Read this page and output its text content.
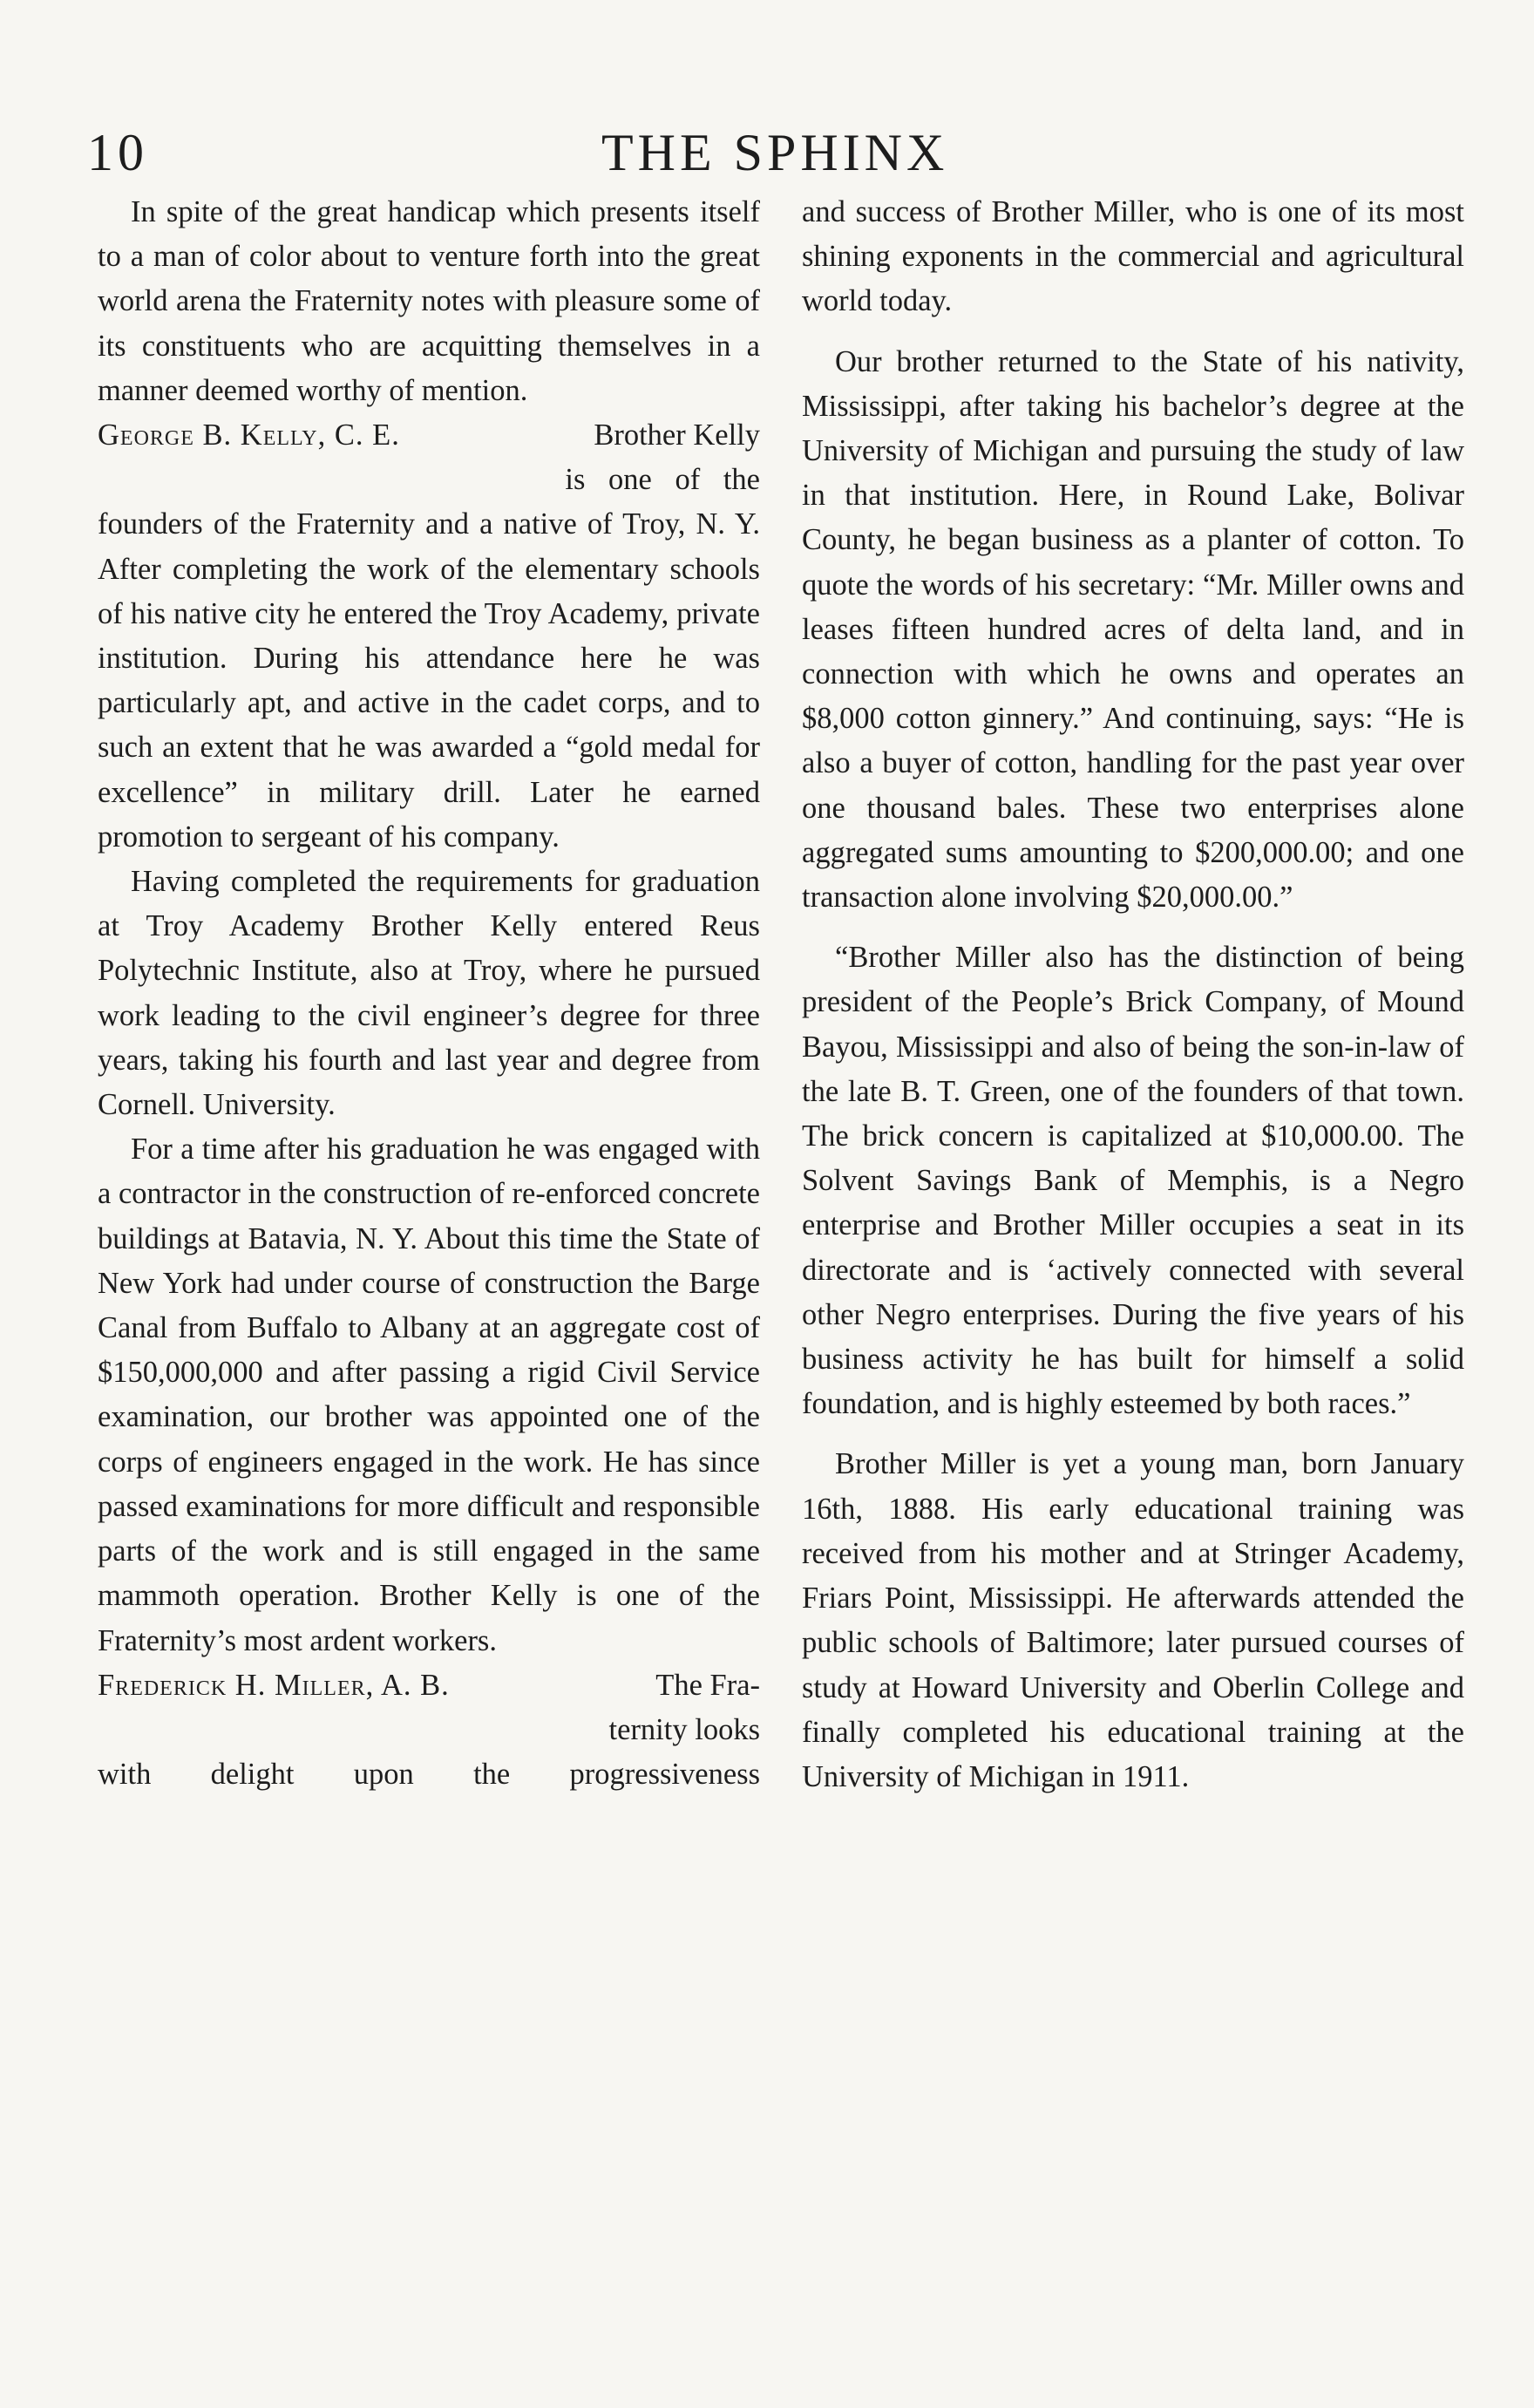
10	THE SPHINX

In spite of the great handicap which presents itself to a man of color about to venture forth into the great world arena the Fraternity notes with pleasure some of its constituents who are acquitting themselves in a manner deemed worthy of mention.

George B. Kelly, C. E.	Brother Kelly
is one of the

founders of the Fraternity and a native of Troy, N. Y. After completing the work of the elementary schools of his native city he entered the Troy Academy, private institution. During his attendance here he was particularly apt, and active in the cadet corps, and to such an extent that he was awarded a “gold medal for excellence” in military drill. Later he earned promotion to sergeant of his company.

Having completed the requirements for graduation at Troy Academy Brother Kelly entered Reus Polytechnic Institute, also at Troy, where he pursued work leading to the civil engineer’s degree for three years, taking his fourth and last year and degree from Cornell. University.

For a time after his graduation he was engaged with a contractor in the construction of re-enforced concrete buildings at Batavia, N. Y. About this time the State of New York had under course of construction the Barge Canal from Buffalo to Albany at an aggregate cost of $150,000,000 and after passing a rigid Civil Service examination, our brother was appointed one of the corps of engineers engaged in the work. He has since passed examinations for more difficult and responsible parts of the work and is still engaged in the same mammoth operation. Brother Kelly is one of the Fraternity’s most ardent workers.

Frederick H. Miller, A. B.	The Fra-
ternity looks
with delight upon the progressiveness

and success of Brother Miller, who is one of its most shining exponents in the commercial and agricultural world today.

Our brother returned to the State of his nativity, Mississippi, after taking his bachelor’s degree at the University of Michigan and pursuing the study of law in that institution. Here, in Round Lake, Bolivar County, he began business as a planter of cotton. To quote the words of his secretary: “Mr. Miller owns and leases fifteen hundred acres of delta land, and in connection with which he owns and operates an $8,000 cotton ginnery.” And continuing, says: “He is also a buyer of cotton, handling for the past year over one thousand bales. These two enterprises alone aggregated sums amounting to $200,000.00; and one transaction alone involving $20,000.00.”

“Brother Miller also has the distinction of being president of the People’s Brick Company, of Mound Bayou, Mississippi and also of being the son-in-law of the late B. T. Green, one of the founders of that town. The brick concern is capitalized at $10,000.00. The Solvent Savings Bank of Memphis, is a Negro enterprise and Brother Miller occupies a seat in its directorate and is ‘actively connected with several other Negro enterprises. During the five years of his business activity he has built for himself a solid foundation, and is highly esteemed by both races.”

Brother Miller is yet a young man, born January 16th, 1888. His early educational training was received from his mother and at Stringer Academy, Friars Point, Mississippi. He afterwards attended the public schools of Baltimore; later pursued courses of study at Howard University and Oberlin College and finally completed his educational training at the University of Michigan in 1911.
